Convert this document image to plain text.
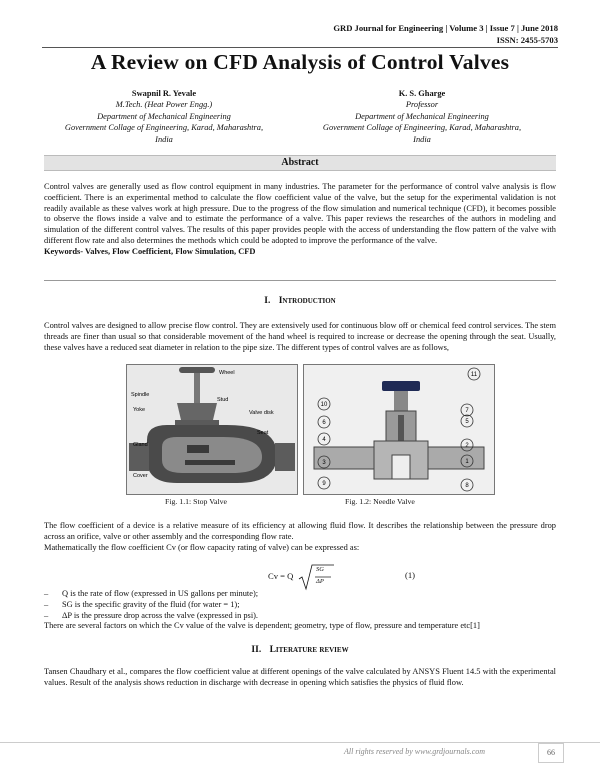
GRD Journal for Engineering | Volume 3 | Issue 7 | June 2018
ISSN: 2455-5703
A Review on CFD Analysis of Control Valves
Swapnil R. Yevale
M.Tech. (Heat Power Engg.)
Department of Mechanical Engineering
Government Collage of Engineering, Karad, Maharashtra,
India
K. S. Gharge
Professor
Department of Mechanical Engineering
Government Collage of Engineering, Karad, Maharashtra,
India
Abstract
Control valves are generally used as flow control equipment in many industries. The parameter for the performance of control valve analysis is flow coefficient. There is an experimental method to calculate the flow coefficient value of the valve, but the setup for the experimental validation is not readily available as these valves work at high pressure. Due to the progress of the flow simulation and numerical technique (CFD), it becomes possible to observe the flows inside a valve and to estimate the performance of a valve. This paper reviews the researches of the authors in modeling and simulation of the different control valves. The results of this paper provides people with the access of understanding the flow pattern of the valve with different flow rate and also determines the methods which could be adopted to improve the performance of the valve.
Keywords- Valves, Flow Coefficient, Flow Simulation, CFD
I. Introduction
Control valves are designed to allow precise flow control. They are extensively used for continuous blow off or chemical feed control services. The stem threads are finer than usual so that considerable movement of the hand wheel is required to increase or decrease the opening through the seat. Usually, these valves have a reduced seat diameter in relation to the pipe size. The different types of control valves are as follows,
Wheel
Spindle
Stud
Yoke	Valve disk
Seat
Gland
Cover
Fig. 1.1: Stop Valve
11
10
7
6	5
4
2
3	1
9	8
Fig. 1.2: Needle Valve
The flow coefficient of a device is a relative measure of its efficiency at allowing fluid flow. It describes the relationship between the pressure drop across an orifice, valve or other assembly and the corresponding flow rate.
Mathematically the flow coefficient Cv (or flow capacity rating of valve) can be expressed as:
Cv = Q
SG
ΔP
(1)
– Q is the rate of flow (expressed in US gallons per minute);
– SG is the specific gravity of the fluid (for water = 1);
– ΔP is the pressure drop across the valve (expressed in psi).
There are several factors on which the Cv value of the valve is dependent; geometry, type of flow, pressure and temperature etc[1]
II. Literature review
Tansen Chaudhary et al., compares the flow coefficient value at different openings of the valve calculated by ANSYS Fluent 14.5 with the experimental values. Result of the analysis shows reduction in discharge with decrease in opening which satisfies the physics of fluid flow.
All rights reserved by www.grdjournals.com	66
